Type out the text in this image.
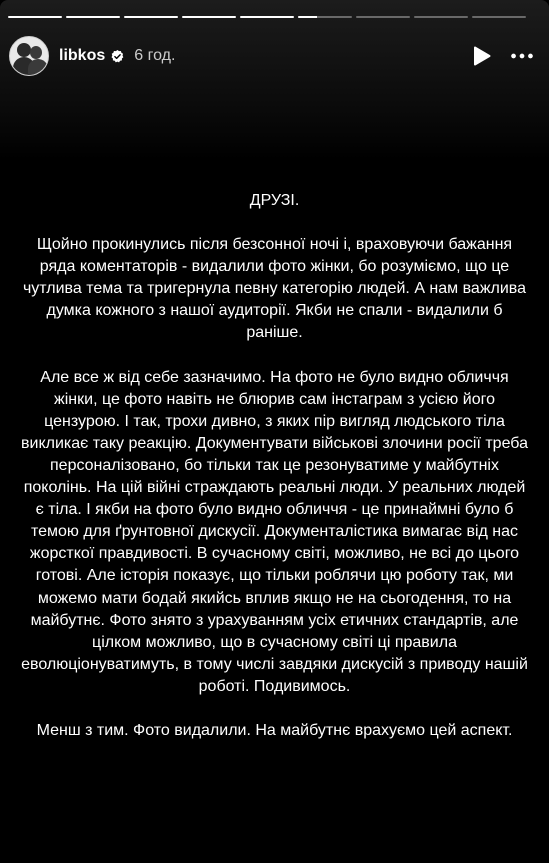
libkos 6 год.

ДРУЗІ.

Щойно прокинулись після безсонної ночі і, враховуючи бажання ряда коментаторів - видалили фото жінки, бо розуміємо, що це чутлива тема та тригернула певну категорію людей. А нам важлива думка кожного з нашої аудиторії. Якби не спали - видалили б раніше.

Але все ж від себе зазначимо. На фото не було видно обличчя жінки, це фото навіть не блюрив сам інстаграм з усією його цензурою. І так, трохи дивно, з яких пір вигляд людського тіла викликає таку реакцію. Документувати військові злочини росії треба персоналізовано, бо тільки так це резонуватиме у майбутніх поколінь. На цій війні страждають реальні люди. У реальних людей є тіла. І якби на фото було видно обличчя - це принаймні було б темою для ґрунтовної дискусії. Документалістика вимагає від нас жорсткої правдивості. В сучасному світі, можливо, не всі до цього готові. Але історія показує, що тільки роблячи цю роботу так, ми можемо мати бодай якийсь вплив якщо не на сьогодення, то на майбутнє. Фото знято з урахуванням усіх етичних стандартів, але цілком можливо, що в сучасному світі ці правила еволюціонуватимуть, в тому числі завдяки дискусій з приводу нашій роботі. Подивимось.

Менш з тим. Фото видалили. На майбутнє врахуємо цей аспект.
